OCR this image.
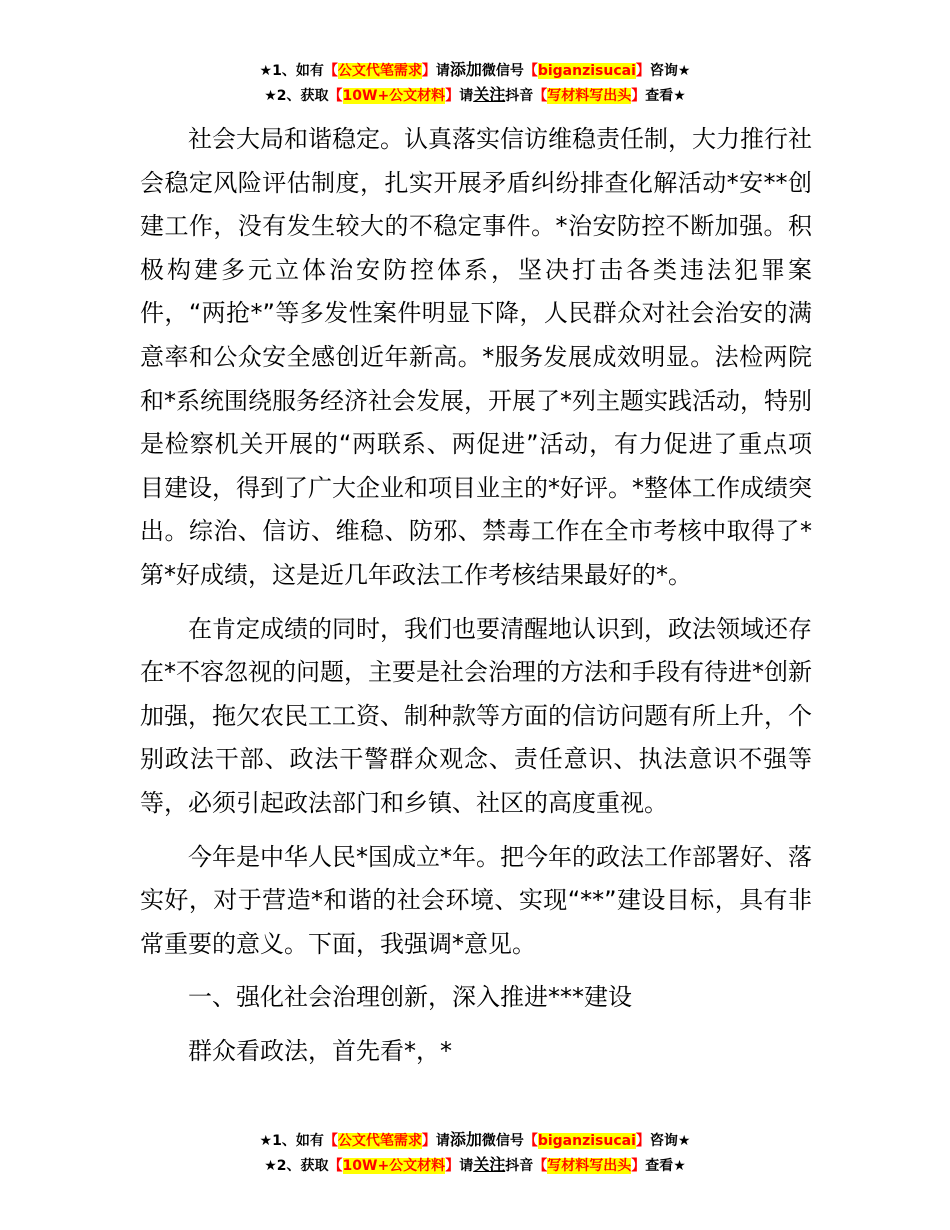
★1、如有【公文代笔需求】请添加微信号【biganzisucai】咨询★
★2、获取【10W+公文材料】请关注抖音【写材料写出头】查看★

社会大局和谐稳定。认真落实信访维稳责任制，大力推行社会稳定风险评估制度，扎实开展矛盾纠纷排查化解活动*安**创建工作，没有发生较大的不稳定事件。*治安防控不断加强。积极构建多元立体治安防控体系，坚决打击各类违法犯罪案件，“两抢*”等多发性案件明显下降，人民群众对社会治安的满意率和公众安全感创近年新高。*服务发展成效明显。法检两院和*系统围绕服务经济社会发展，开展了*列主题实践活动，特别是检察机关开展的“两联系、两促进”活动，有力促进了重点项目建设，得到了广大企业和项目业主的*好评。*整体工作成绩突出。综治、信访、维稳、防邪、禁毒工作在全市考核中取得了*第*好成绩，这是近几年政法工作考核结果最好的*。

在肯定成绩的同时，我们也要清醒地认识到，政法领域还存在*不容忽视的问题，主要是社会治理的方法和手段有待进*创新加强，拖欠农民工工资、制种款等方面的信访问题有所上升，个别政法干部、政法干警群众观念、责任意识、执法意识不强等等，必须引起政法部门和乡镇、社区的高度重视。

今年是中华人民*国成立*年。把今年的政法工作部署好、落实好，对于营造*和谐的社会环境、实现“**”建设目标，具有非常重要的意义。下面，我强调*意见。

一、强化社会治理创新，深入推进***建设

群众看政法，首先看*，*

★1、如有【公文代笔需求】请添加微信号【biganzisucai】咨询★
★2、获取【10W+公文材料】请关注抖音【写材料写出头】查看★
